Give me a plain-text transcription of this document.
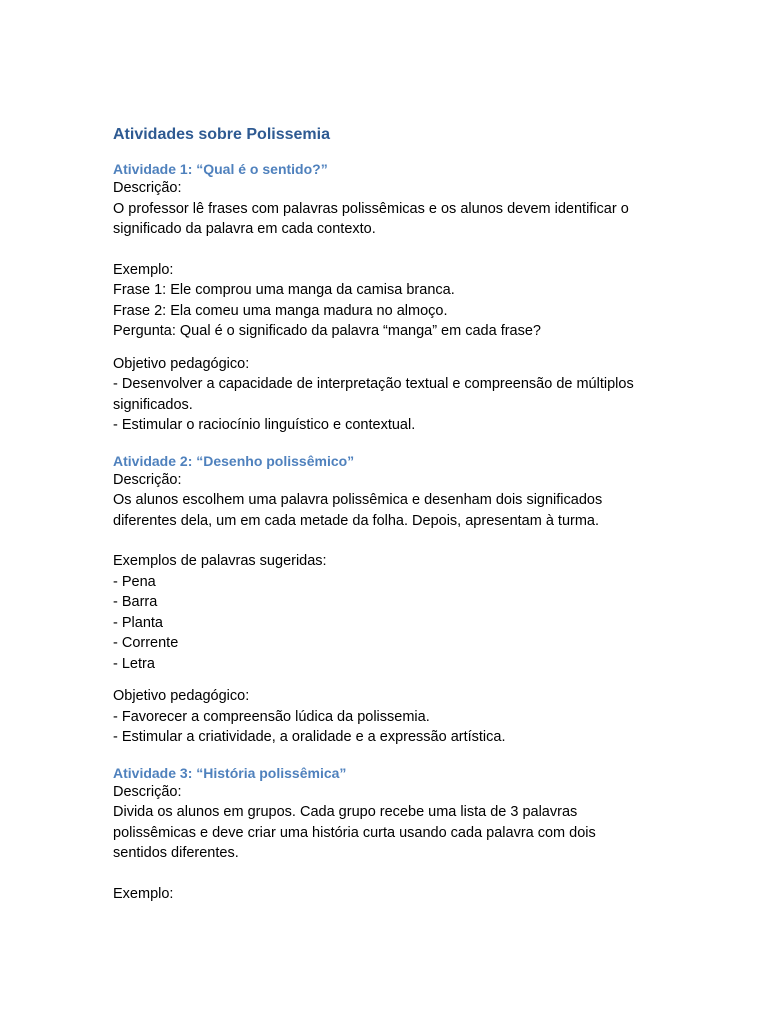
Atividades sobre Polissemia
Atividade 1: “Qual é o sentido?”

Descrição:

O professor lê frases com palavras polissêmicas e os alunos devem identificar o

significado da palavra em cada contexto.

Exemplo:

Frase 1: Ele comprou uma manga da camisa branca.

Frase 2: Ela comeu uma manga madura no almoço.

Pergunta: Qual é o significado da palavra “manga” em cada frase?

Objetivo pedagógico:

- Desenvolver a capacidade de interpretação textual e compreensão de múltiplos

significados.

- Estimular o raciocínio linguístico e contextual.

Atividade 2: “Desenho polissêmico”

Descrição:

Os alunos escolhem uma palavra polissêmica e desenham dois significados

diferentes dela, um em cada metade da folha. Depois, apresentam à turma.

Exemplos de palavras sugeridas:

- Pena

- Barra

- Planta

- Corrente

- Letra

Objetivo pedagógico:

- Favorecer a compreensão lúdica da polissemia.

- Estimular a criatividade, a oralidade e a expressão artística.

Atividade 3: “História polissêmica”

Descrição:

Divida os alunos em grupos. Cada grupo recebe uma lista de 3 palavras

polissêmicas e deve criar uma história curta usando cada palavra com dois

sentidos diferentes.

Exemplo:
